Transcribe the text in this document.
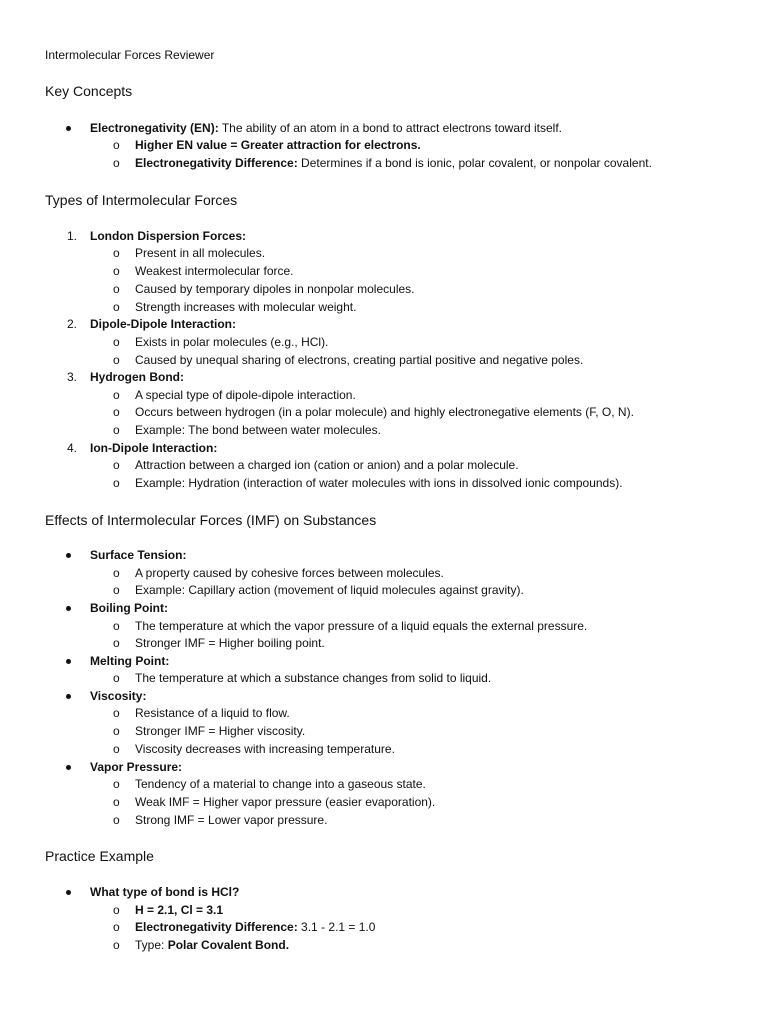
Intermolecular Forces Reviewer
Key Concepts
Electronegativity (EN): The ability of an atom in a bond to attract electrons toward itself.
o Higher EN value = Greater attraction for electrons.
o Electronegativity Difference: Determines if a bond is ionic, polar covalent, or nonpolar covalent.
Types of Intermolecular Forces
1. London Dispersion Forces:
o Present in all molecules.
o Weakest intermolecular force.
o Caused by temporary dipoles in nonpolar molecules.
o Strength increases with molecular weight.
2. Dipole-Dipole Interaction:
o Exists in polar molecules (e.g., HCl).
o Caused by unequal sharing of electrons, creating partial positive and negative poles.
3. Hydrogen Bond:
o A special type of dipole-dipole interaction.
o Occurs between hydrogen (in a polar molecule) and highly electronegative elements (F, O, N).
o Example: The bond between water molecules.
4. Ion-Dipole Interaction:
o Attraction between a charged ion (cation or anion) and a polar molecule.
o Example: Hydration (interaction of water molecules with ions in dissolved ionic compounds).
Effects of Intermolecular Forces (IMF) on Substances
Surface Tension:
o A property caused by cohesive forces between molecules.
o Example: Capillary action (movement of liquid molecules against gravity).
Boiling Point:
o The temperature at which the vapor pressure of a liquid equals the external pressure.
o Stronger IMF = Higher boiling point.
Melting Point:
o The temperature at which a substance changes from solid to liquid.
Viscosity:
o Resistance of a liquid to flow.
o Stronger IMF = Higher viscosity.
o Viscosity decreases with increasing temperature.
Vapor Pressure:
o Tendency of a material to change into a gaseous state.
o Weak IMF = Higher vapor pressure (easier evaporation).
o Strong IMF = Lower vapor pressure.
Practice Example
What type of bond is HCl?
o H = 2.1, Cl = 3.1
o Electronegativity Difference: 3.1 - 2.1 = 1.0
o Type: Polar Covalent Bond.
